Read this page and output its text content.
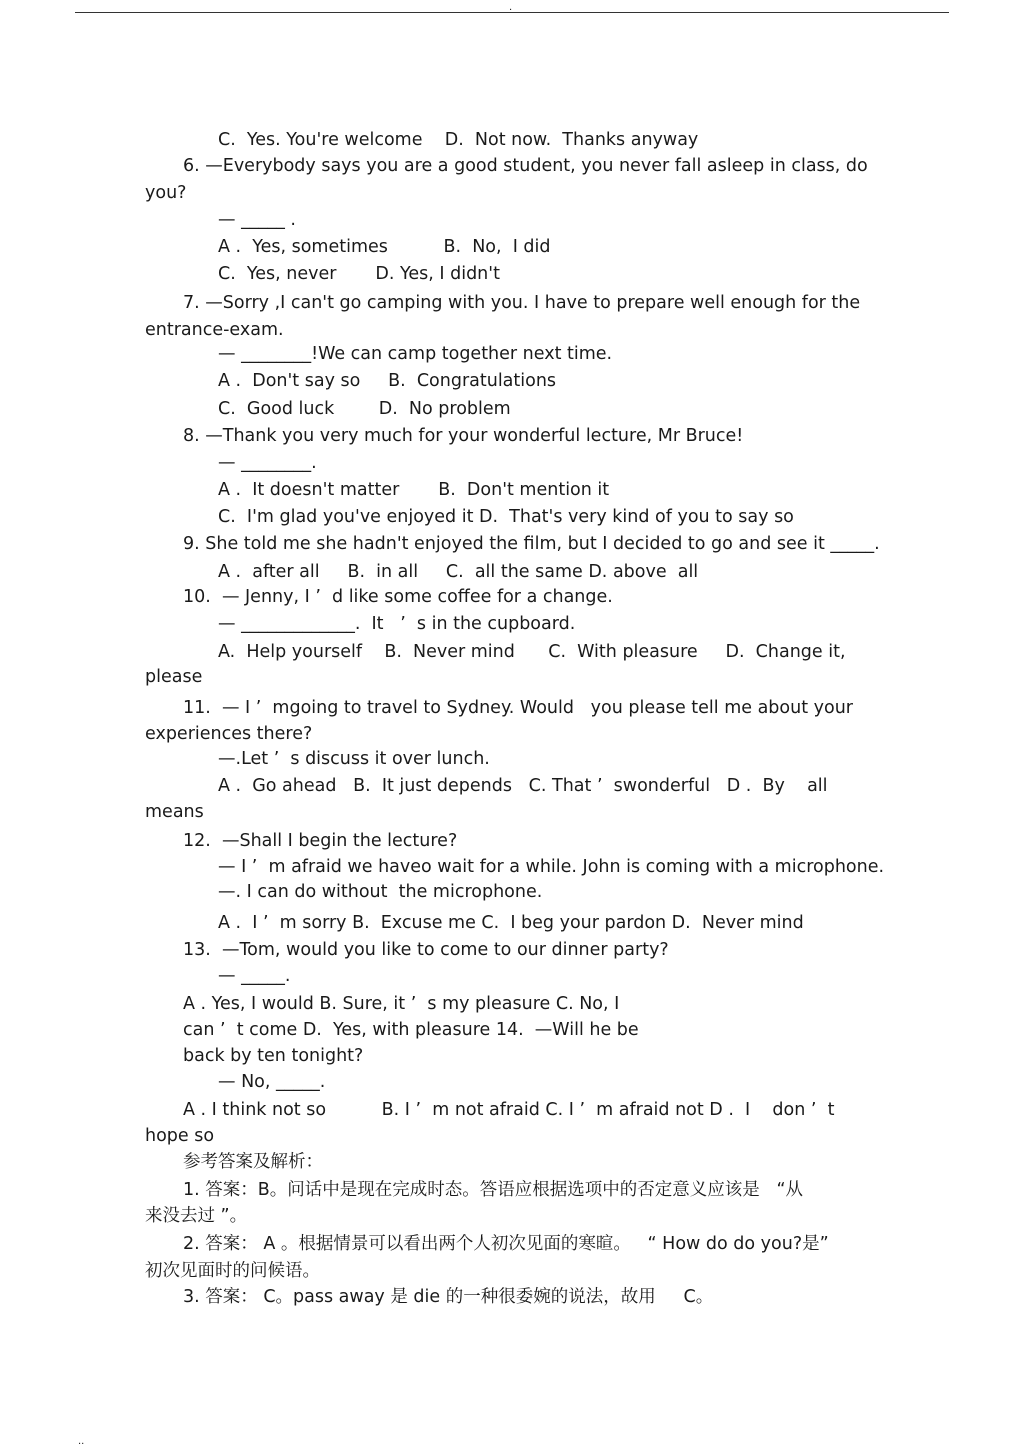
.
C.  Yes. You're welcome    D.  Not now.  Thanks anyway
6. —Everybody says you are a good student, you never fall asleep in class, do
you?
— _____ .
A .  Yes, sometimes          B.  No,  I did
C.  Yes, never       D. Yes, I didn't
7. —Sorry ,I can't go camping with you. I have to prepare well enough for the
entrance-exam.
— ________!We can camp together next time.
A .  Don't say so     B.  Congratulations
C.  Good luck        D.  No problem
8. —Thank you very much for your wonderful lecture, Mr Bruce!
— ________.
A .  It doesn't matter       B.  Don't mention it
C.  I'm glad you've enjoyed it D.  That's very kind of you to say so
9. She told me she hadn't enjoyed the film, but I decided to go and see it _____.
A .  after all     B.  in all     C.  all the same D. above  all
10.  — Jenny, I ’  d like some coffee for a change.
— _____________.  It   ’  s in the cupboard.
A.  Help yourself    B.  Never mind      C.  With pleasure     D.  Change it,
please
11.  — I ’  mgoing to travel to Sydney. Would   you please tell me about your
experiences there?
—.Let ’  s discuss it over lunch.
A .  Go ahead   B.  It just depends   C. That ’  swonderful   D .  By    all
means
12.  —Shall I begin the lecture?
— I ’  m afraid we haveo wait for a while. John is coming with a microphone.
—. I can do without  the microphone.
A .  I ’  m sorry B.  Excuse me C.  I beg your pardon D.  Never mind
13.  —Tom, would you like to come to our dinner party?
— _____.
A . Yes, I would B. Sure, it ’  s my pleasure C. No, I
can ’  t come D.  Yes, with pleasure 14.  —Will he be
back by ten tonight?
— No, _____.
A . I think not so          B. I ’  m not afraid C. I ’  m afraid not D .  I    don ’  t
hope so
参考答案及解析：
1. 答案：B。问话中是现在完成时态。答语应根据选项中的否定意义应该是   “从
来没去过 ”。
2. 答案： A 。根据情景可以看出两个人初次见面的寒暄。   “ How do do you?是”
初次见面时的问候语。
3. 答案： C。pass away 是 die 的一种很委婉的说法，故用     C。
..
